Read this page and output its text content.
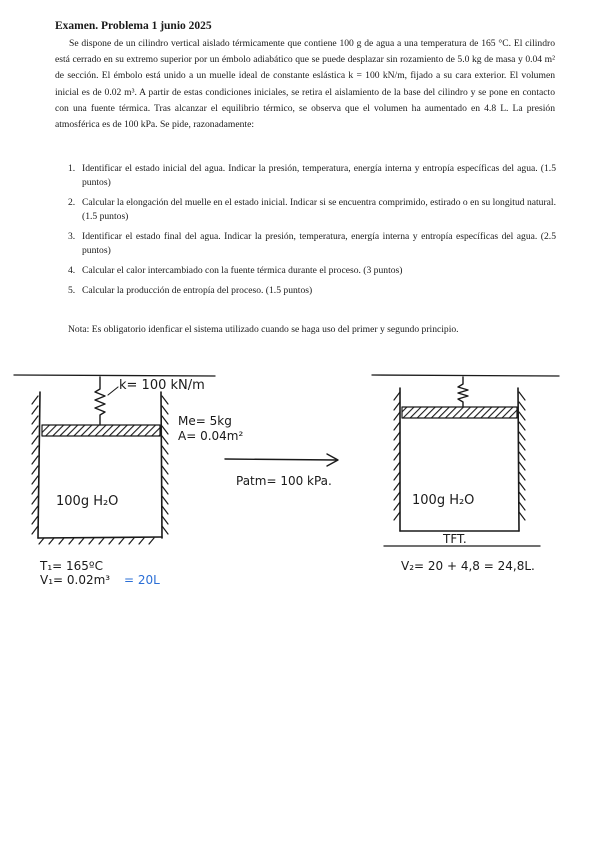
Examen. Problema 1 junio 2025

Se dispone de un cilindro vertical aislado térmicamente que contiene 100 g de agua a una temperatura de 165 °C. El cilindro está cerrado en su extremo superior por un émbolo adiabático que se puede desplazar sin rozamiento de 5.0 kg de masa y 0.04 m² de sección. El émbolo está unido a un muelle ideal de constante eslástica k = 100 kN/m, fijado a su cara exterior. El volumen inicial es de 0.02 m³. A partir de estas condiciones iniciales, se retira el aislamiento de la base del cilindro y se pone en contacto con una fuente térmica. Tras alcanzar el equilibrio térmico, se observa que el volumen ha aumentado en 4.8 L. La presión atmosférica es de 100 kPa. Se pide, razonadamente:

1. Identificar el estado inicial del agua. Indicar la presión, temperatura, energía interna y entropía específicas del agua. (1.5 puntos)
2. Calcular la elongación del muelle en el estado inicial. Indicar si se encuentra comprimido, estirado o en su longitud natural. (1.5 puntos)
3. Identificar el estado final del agua. Indicar la presión, temperatura, energía interna y entropía específicas del agua. (2.5 puntos)
4. Calcular el calor intercambiado con la fuente térmica durante el proceso. (3 puntos)
5. Calcular la producción de entropía del proceso. (1.5 puntos)

Nota: Es obligatorio idenficar el sistema utilizado cuando se haga uso del primer y segundo principio.

k= 100 kN/m
Me= 5kg
A= 0.04m²
100g H₂O
Patm= 100 kPa.
T₁= 165ºC
V₁= 0.02m³ = 20L
100g H₂O
TFT.
V₂= 20 + 4,8 = 24,8L.
